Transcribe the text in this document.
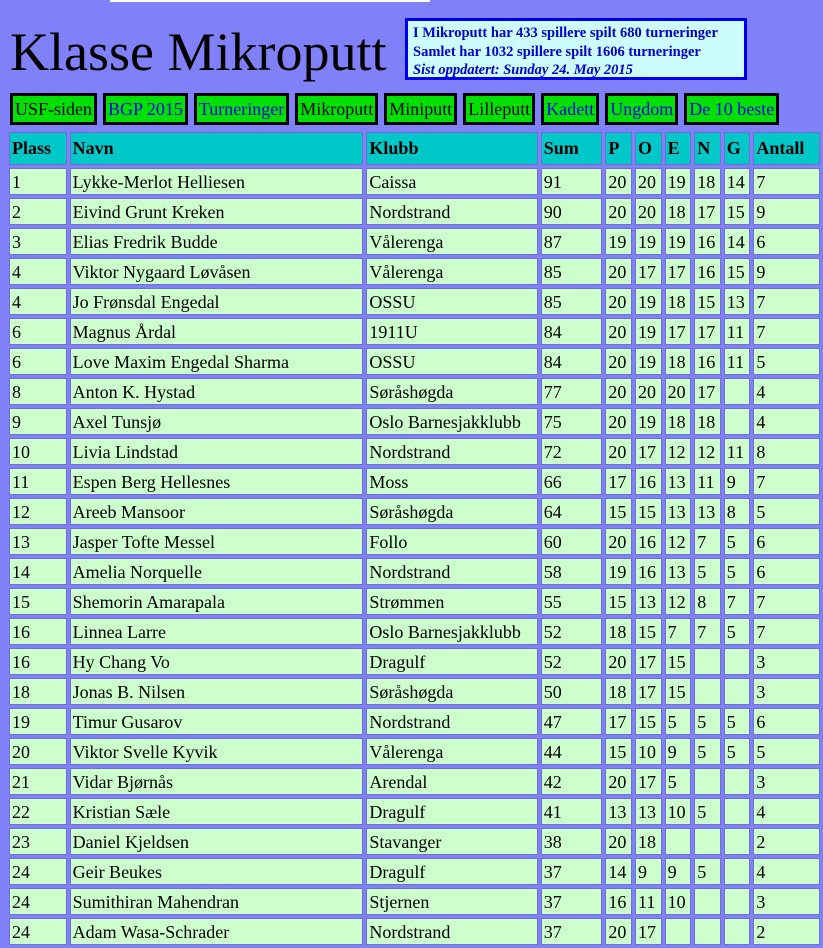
Klasse Mikroputt I Mikroputt har 433 spillere spilt 680 turneringer
Samlet har 1032 spillere spilt 1606 turneringer
Sist oppdatert: Sunday 24. May 2015
USF-siden BGP 2015 Turneringer Mikroputt Miniputt Lilleputt Kadett Ungdom De 10 beste
Plass	Navn	Klubb	Sum	P	O	E	N	G	Antall
1	Lykke-Merlot Helliesen	Caissa	91	20	20	19	18	14	7
2	Eivind Grunt Kreken	Nordstrand	90	20	20	18	17	15	9
3	Elias Fredrik Budde	Vålerenga	87	19	19	19	16	14	6
4	Viktor Nygaard Løvåsen	Vålerenga	85	20	17	17	16	15	9
4	Jo Frønsdal Engedal	OSSU	85	20	19	18	15	13	7
6	Magnus Årdal	1911U	84	20	19	17	17	11	7
6	Love Maxim Engedal Sharma	OSSU	84	20	19	18	16	11	5
8	Anton K. Hystad	Søråshøgda	77	20	20	20	17		4
9	Axel Tunsjø	Oslo Barnesjakklubb	75	20	19	18	18		4
10	Livia Lindstad	Nordstrand	72	20	17	12	12	11	8
11	Espen Berg Hellesnes	Moss	66	17	16	13	11	9	7
12	Areeb Mansoor	Søråshøgda	64	15	15	13	13	8	5
13	Jasper Tofte Messel	Follo	60	20	16	12	7	5	6
14	Amelia Norquelle	Nordstrand	58	19	16	13	5	5	6
15	Shemorin Amarapala	Strømmen	55	15	13	12	8	7	7
16	Linnea Larre	Oslo Barnesjakklubb	52	18	15	7	7	5	7
16	Hy Chang Vo	Dragulf	52	20	17	15			3
18	Jonas B. Nilsen	Søråshøgda	50	18	17	15			3
19	Timur Gusarov	Nordstrand	47	17	15	5	5	5	6
20	Viktor Svelle Kyvik	Vålerenga	44	15	10	9	5	5	5
21	Vidar Bjørnås	Arendal	42	20	17	5			3
22	Kristian Sæle	Dragulf	41	13	13	10	5		4
23	Daniel Kjeldsen	Stavanger	38	20	18				2
24	Geir Beukes	Dragulf	37	14	9	9	5		4
24	Sumithiran Mahendran	Stjernen	37	16	11	10			3
24	Adam Wasa-Schrader	Nordstrand	37	20	17				2
